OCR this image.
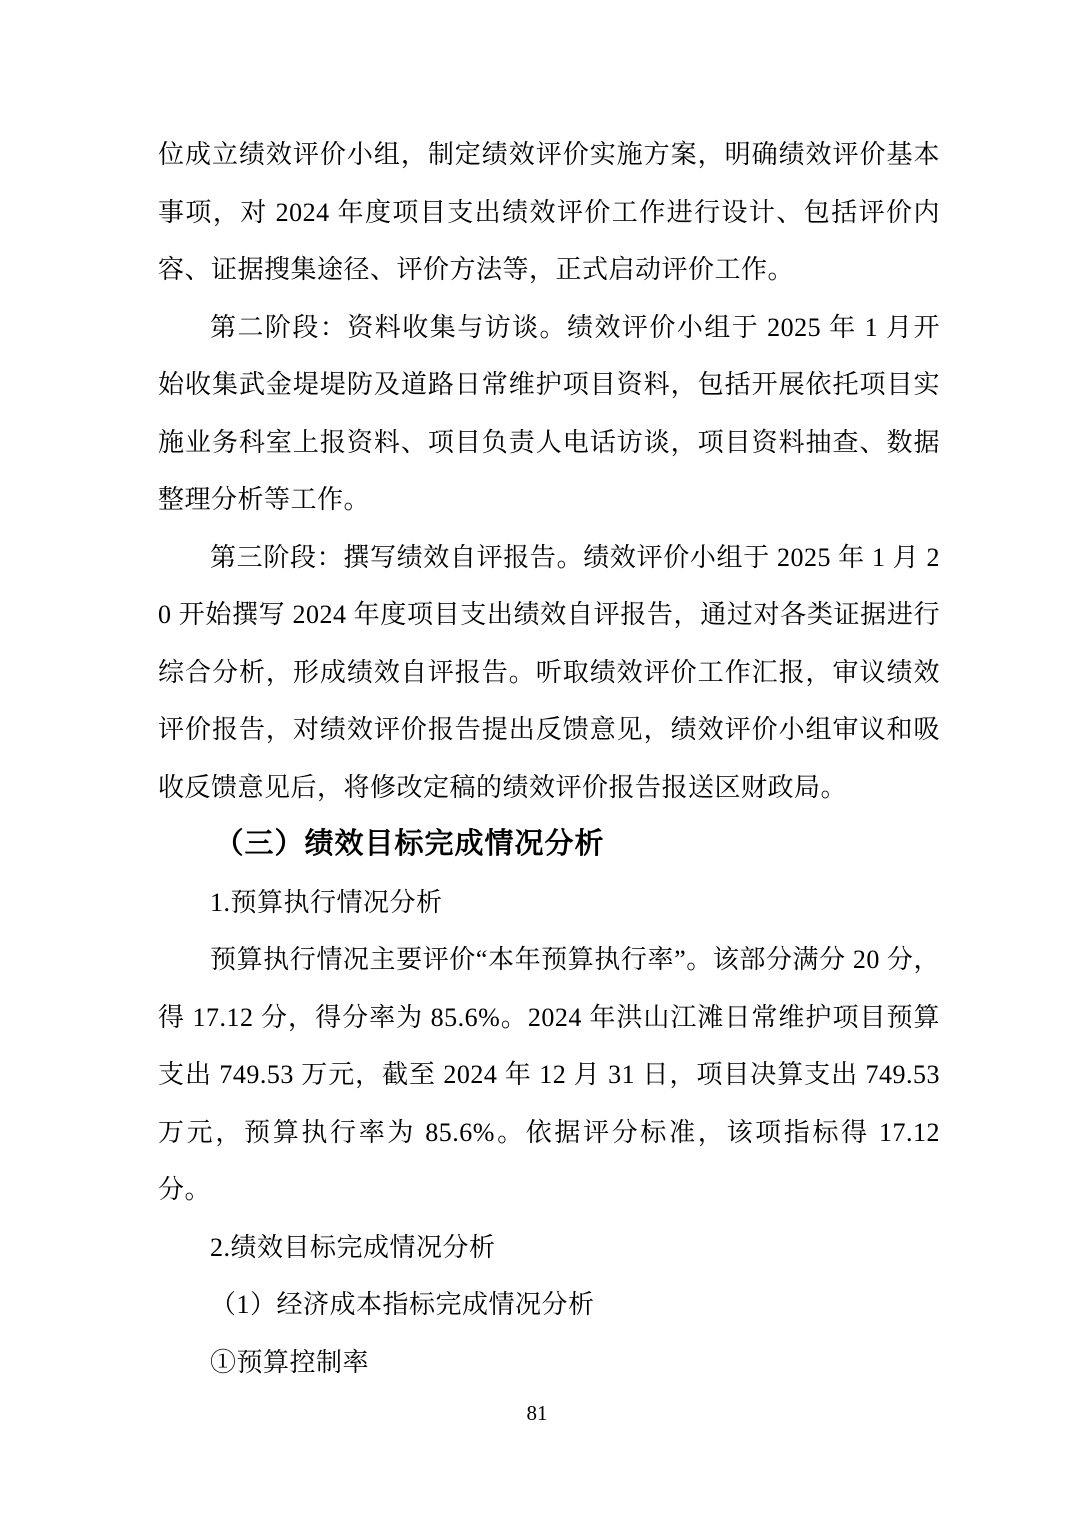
位成立绩效评价小组，制定绩效评价实施方案，明确绩效评价基本事项，对 2024 年度项目支出绩效评价工作进行设计、包括评价内容、证据搜集途径、评价方法等，正式启动评价工作。

第二阶段：资料收集与访谈。绩效评价小组于 2025 年 1 月开始收集武金堤堤防及道路日常维护项目资料，包括开展依托项目实施业务科室上报资料、项目负责人电话访谈，项目资料抽查、数据整理分析等工作。

第三阶段：撰写绩效自评报告。绩效评价小组于 2025 年 1 月 20 开始撰写 2024 年度项目支出绩效自评报告，通过对各类证据进行综合分析，形成绩效自评报告。听取绩效评价工作汇报，审议绩效评价报告，对绩效评价报告提出反馈意见，绩效评价小组审议和吸收反馈意见后，将修改定稿的绩效评价报告报送区财政局。

（三）绩效目标完成情况分析

1.预算执行情况分析

预算执行情况主要评价“本年预算执行率”。该部分满分 20 分，得 17.12 分，得分率为 85.6%。2024 年洪山江滩日常维护项目预算支出 749.53 万元，截至 2024 年 12 月 31 日，项目决算支出 749.53 万元，预算执行率为 85.6%。依据评分标准，该项指标得 17.12 分。

2.绩效目标完成情况分析

（1）经济成本指标完成情况分析

①预算控制率

81
